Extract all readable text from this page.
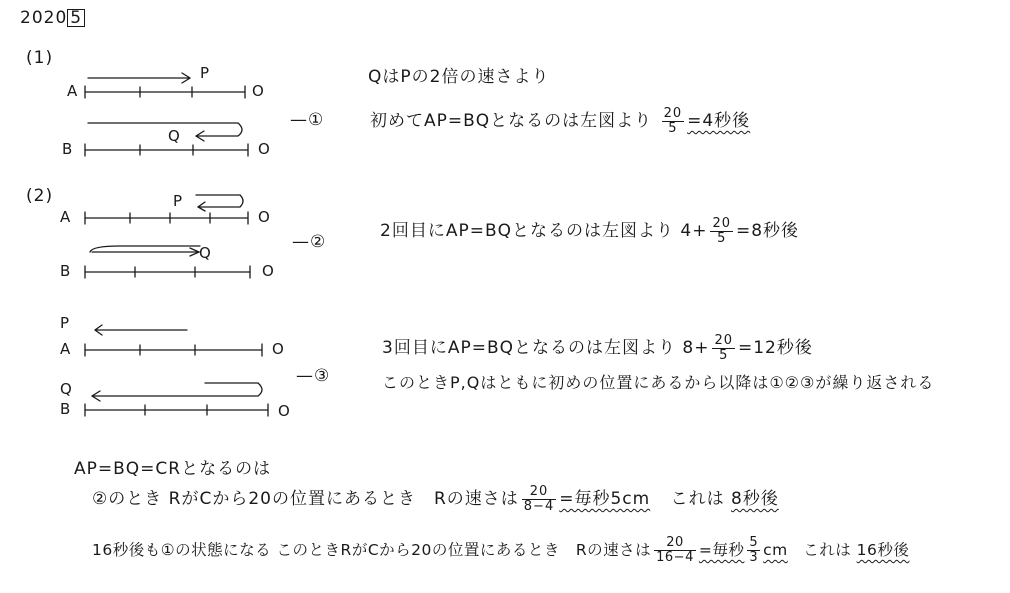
2020 5
(1)
A	O
P
B	O
Q
—①
QはPの2倍の速さより
初めてAP=BQとなるのは左図より $\frac{20}{5} =4$秒後
(2)
A	O
P
B	O
Q
—②
P
A	O
Q
B	O
—③
2回目にAP=BQとなるのは左図より $4+ \frac{20}{5} =8$秒後
3回目にAP=BQとなるのは左図より $8+ \frac{20}{5} =12$秒後
このときP,Qはともに初めの位置にあるから以降は①②③が繰り返される
AP=BQ=CRとなるのは
②のとき RがCから20の位置にあるとき　Rの速さは $\frac{20}{8-4}$ =毎秒5cm これは 8秒後
16秒後も①の状態になる このときRがCから20の位置にあるとき　Rの速さは $\frac{20}{16-4}$ =毎秒 $\frac{5}{3}$ cm これは 16秒後
